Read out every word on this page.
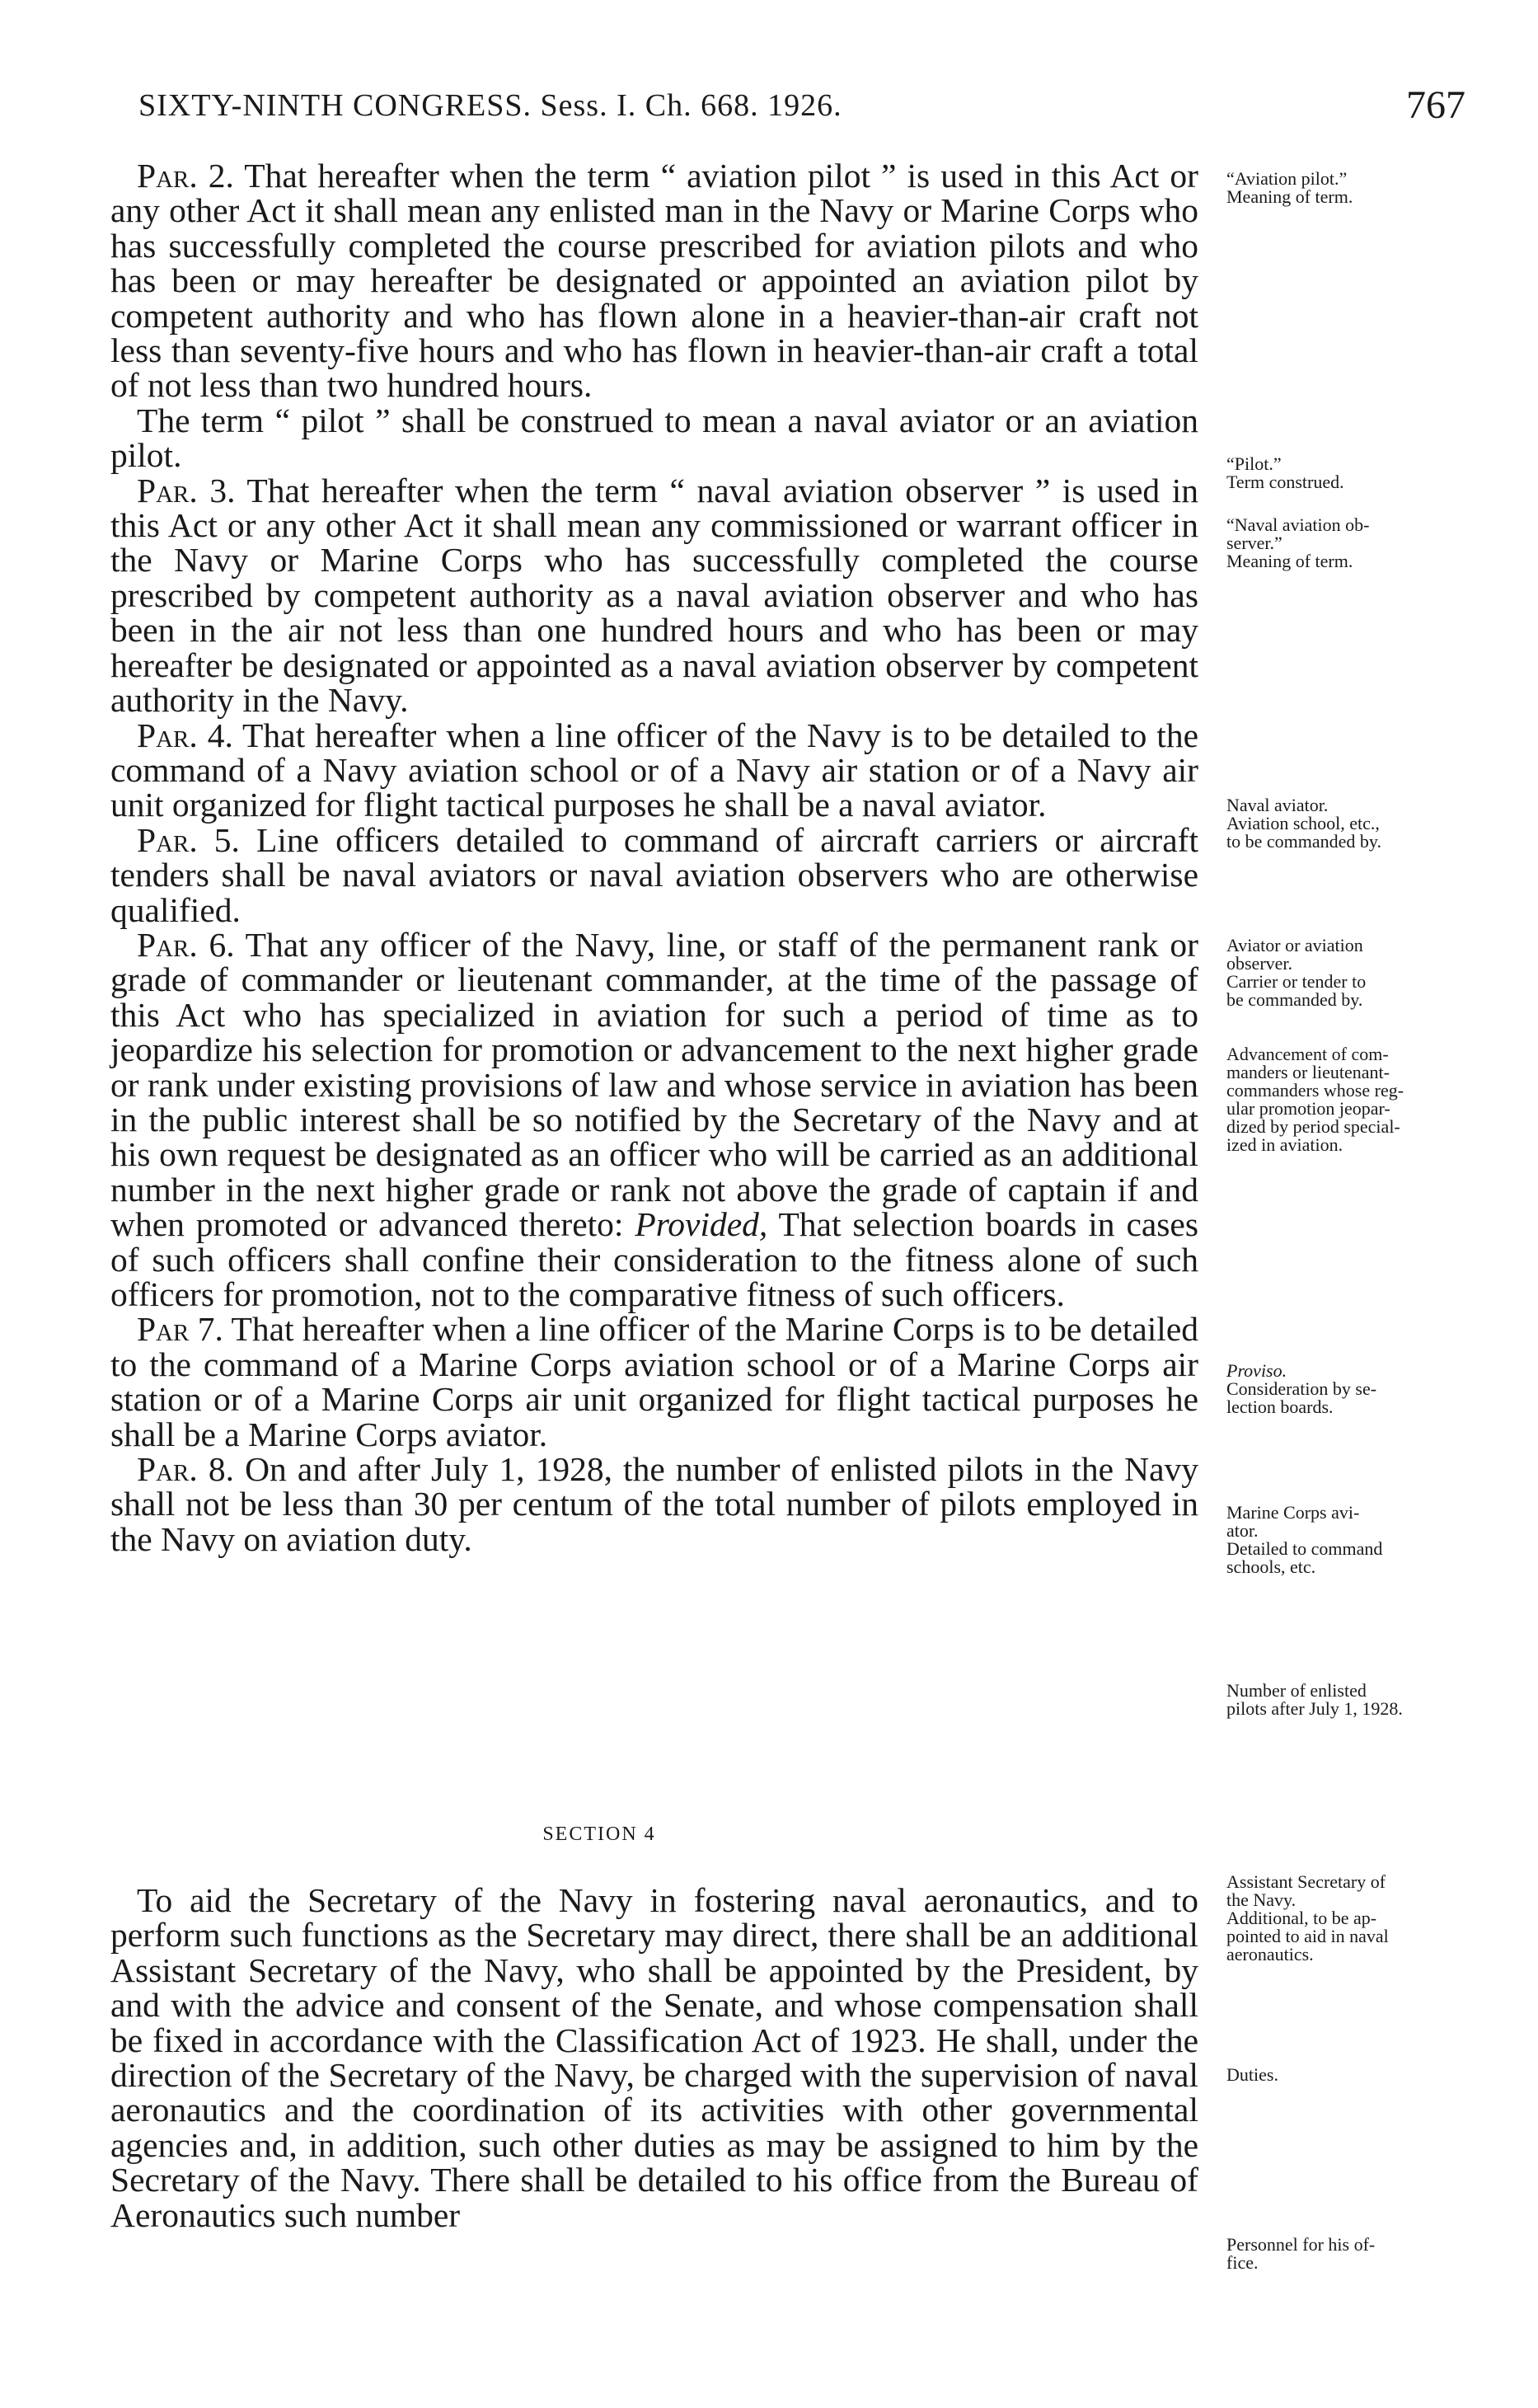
SIXTY-NINTH CONGRESS. Sess. I. Ch. 668. 1926.	767

Par. 2. That hereafter when the term “ aviation pilot ” is used in this Act or any other Act it shall mean any enlisted man in the Navy or Marine Corps who has successfully completed the course prescribed for aviation pilots and who has been or may hereafter be designated or appointed an aviation pilot by competent authority and who has flown alone in a heavier-than-air craft not less than seventy-five hours and who has flown in heavier-than-air craft a total of not less than two hundred hours.

The term “ pilot ” shall be construed to mean a naval aviator or an aviation pilot.

Par. 3. That hereafter when the term “ naval aviation observer ” is used in this Act or any other Act it shall mean any commissioned or warrant officer in the Navy or Marine Corps who has successfully completed the course prescribed by competent authority as a naval aviation observer and who has been in the air not less than one hundred hours and who has been or may hereafter be designated or appointed as a naval aviation observer by competent authority in the Navy.

Par. 4. That hereafter when a line officer of the Navy is to be detailed to the command of a Navy aviation school or of a Navy air station or of a Navy air unit organized for flight tactical purposes he shall be a naval aviator.

Par. 5. Line officers detailed to command of aircraft carriers or aircraft tenders shall be naval aviators or naval aviation observers who are otherwise qualified.

Par. 6. That any officer of the Navy, line, or staff of the permanent rank or grade of commander or lieutenant commander, at the time of the passage of this Act who has specialized in aviation for such a period of time as to jeopardize his selection for promotion or advancement to the next higher grade or rank under existing provisions of law and whose service in aviation has been in the public interest shall be so notified by the Secretary of the Navy and at his own request be designated as an officer who will be carried as an additional number in the next higher grade or rank not above the grade of captain if and when promoted or advanced thereto: Provided, That selection boards in cases of such officers shall confine their consideration to the fitness alone of such officers for promotion, not to the comparative fitness of such officers.

Par 7. That hereafter when a line officer of the Marine Corps is to be detailed to the command of a Marine Corps aviation school or of a Marine Corps air station or of a Marine Corps air unit organized for flight tactical purposes he shall be a Marine Corps aviator.

Par. 8. On and after July 1, 1928, the number of enlisted pilots in the Navy shall not be less than 30 per centum of the total number of pilots employed in the Navy on aviation duty.

SECTION 4

To aid the Secretary of the Navy in fostering naval aeronautics, and to perform such functions as the Secretary may direct, there shall be an additional Assistant Secretary of the Navy, who shall be appointed by the President, by and with the advice and consent of the Senate, and whose compensation shall be fixed in accordance with the Classification Act of 1923. He shall, under the direction of the Secretary of the Navy, be charged with the supervision of naval aeronautics and the coordination of its activities with other governmental agencies and, in addition, such other duties as may be assigned to him by the Secretary of the Navy. There shall be detailed to his office from the Bureau of Aeronautics such number

“Aviation pilot.”
Meaning of term.
“Pilot.”
Term construed.
“Naval aviation ob-
server.”
Meaning of term.
Naval aviator.
Aviation school, etc.,
to be commanded by.
Aviator or aviation
observer.
Carrier or tender to
be commanded by.
Advancement of com-
manders or lieutenant-
commanders whose reg-
ular promotion jeopar-
dized by period special-
ized in aviation.
Proviso.
Consideration by se-
lection boards.
Marine Corps avi-
ator.
Detailed to command
schools, etc.
Number of enlisted
pilots after July 1, 1928.
Assistant Secretary of
the Navy.
Additional, to be ap-
pointed to aid in naval
aeronautics.
Duties.
Personnel for his of-
fice.
